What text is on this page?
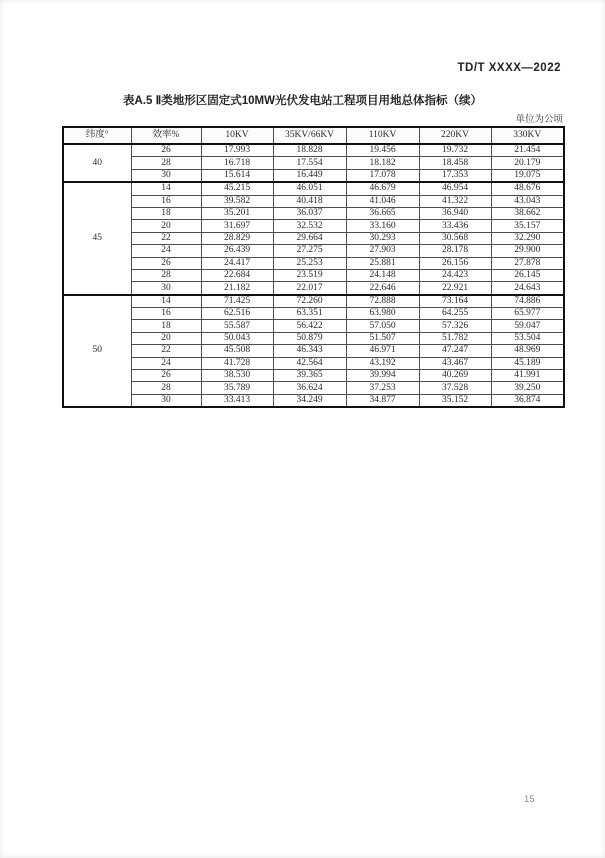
TD/T XXXX—2022
表A.5 Ⅱ类地形区固定式10MW光伏发电站工程项目用地总体指标（续）
单位为公顷
纬度°	效率%	10KV	35KV/66KV	110KV	220KV	330KV
40	26	17.993	18.828	19.456	19.732	21.454
	28	16.718	17.554	18.182	18.458	20.179
	30	15.614	16.449	17.078	17.353	19.075
45	14	45.215	46.051	46.679	46.954	48.676
	16	39.582	40.418	41.046	41.322	43.043
	18	35.201	36.037	36.665	36.940	38.662
	20	31.697	32.532	33.160	33.436	35.157
	22	28.829	29.664	30.293	30.568	32.290
	24	26.439	27.275	27.903	28.178	29.900
	26	24.417	25.253	25.881	26.156	27.878
	28	22.684	23.519	24.148	24.423	26.145
	30	21.182	22.017	22.646	22.921	24.643
50	14	71.425	72.260	72.888	73.164	74.886
	16	62.516	63.351	63.980	64.255	65.977
	18	55.587	56.422	57.050	57.326	59.047
	20	50.043	50.879	51.507	51.782	53.504
	22	45.508	46.343	46.971	47.247	48.969
	24	41.728	42.564	43.192	43.467	45.189
	26	38.530	39.365	39.994	40.269	41.991
	28	35.789	36.624	37.253	37.528	39.250
	30	33.413	34.249	34.877	35.152	36.874
15
